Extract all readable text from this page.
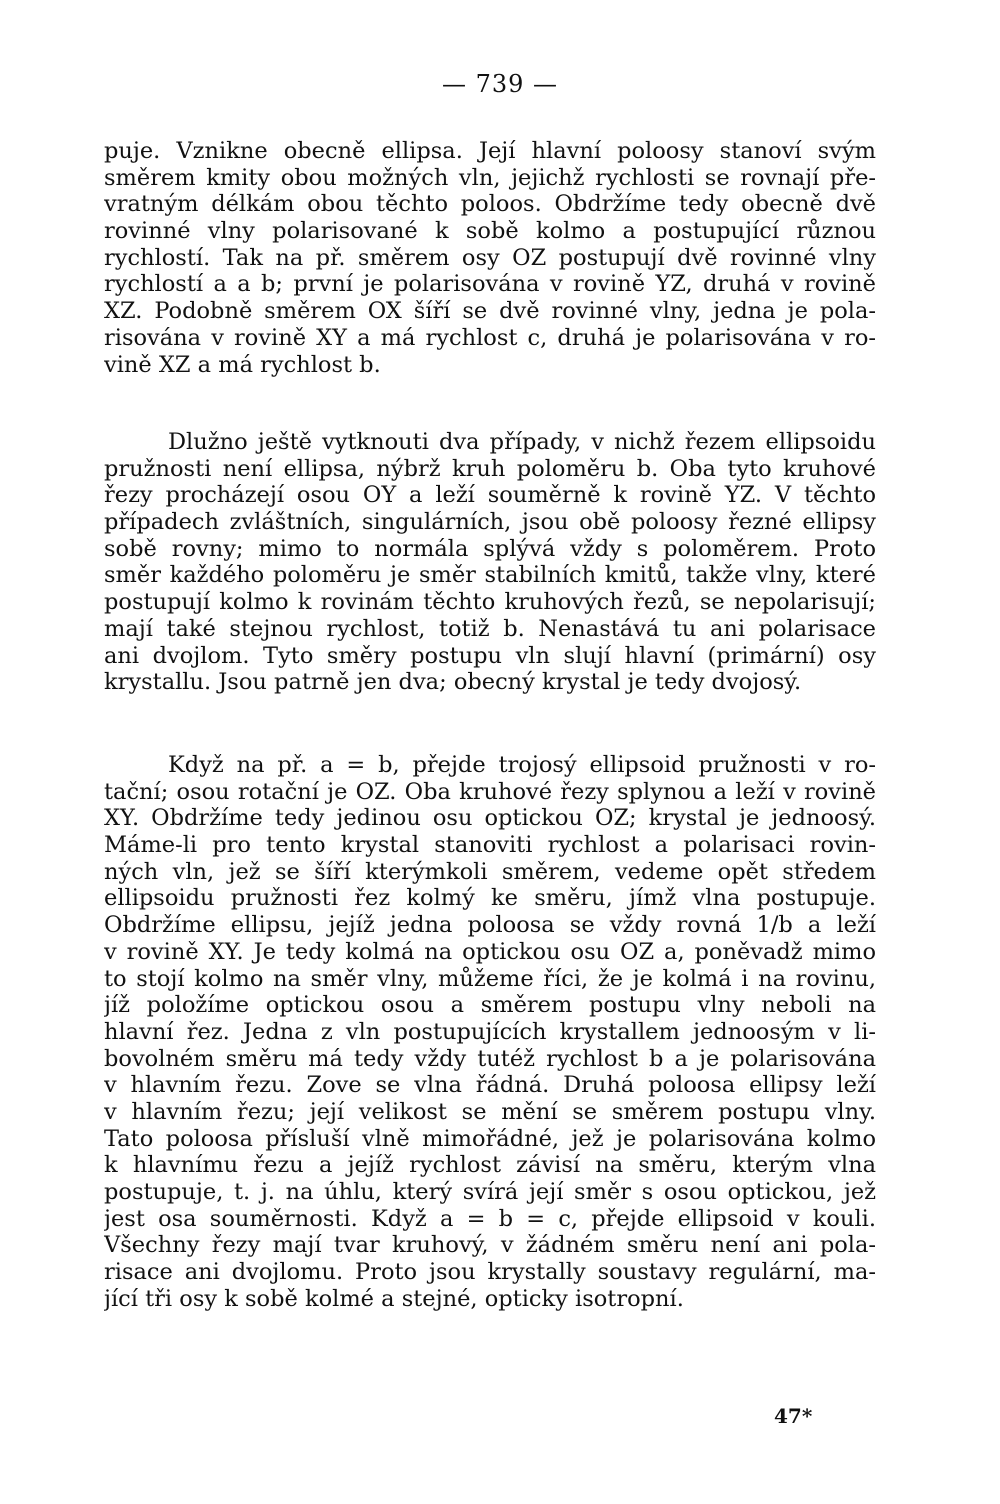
— 739 —
puje. Vznikne obecně ellipsa. Její hlavní poloosy stanoví svým
směrem kmity obou možných vln, jejichž rychlosti se rovnají pře-
vratným délkám obou těchto poloos. Obdržíme tedy obecně dvě
rovinné vlny polarisované k sobě kolmo a postupující různou
rychlostí. Tak na př. směrem osy OZ postupují dvě rovinné vlny
rychlostí a a b; první je polarisována v rovině YZ, druhá v rovině
XZ. Podobně směrem OX šíří se dvě rovinné vlny, jedna je pola-
risována v rovině XY a má rychlost c, druhá je polarisována v ro-
vině XZ a má rychlost b.
Dlužno ještě vytknouti dva případy, v nichž řezem ellipsoidu
pružnosti není ellipsa, nýbrž kruh poloměru b. Oba tyto kruhové
řezy procházejí osou OY a leží souměrně k rovině YZ. V těchto
případech zvláštních, singulárních, jsou obě poloosy řezné ellipsy
sobě rovny; mimo to normála splývá vždy s poloměrem. Proto
směr každého poloměru je směr stabilních kmitů, takže vlny, které
postupují kolmo k rovinám těchto kruhových řezů, se nepolarisují;
mají také stejnou rychlost, totiž b. Nenastává tu ani polarisace
ani dvojlom. Tyto směry postupu vln slují hlavní (primární) osy
krystallu. Jsou patrně jen dva; obecný krystal je tedy dvojosý.
Když na př. a = b, přejde trojosý ellipsoid pružnosti v ro-
tační; osou rotační je OZ. Oba kruhové řezy splynou a leží v rovině
XY. Obdržíme tedy jedinou osu optickou OZ; krystal je jednoosý.
Máme-li pro tento krystal stanoviti rychlost a polarisaci rovin-
ných vln, jež se šíří kterýmkoli směrem, vedeme opět středem
ellipsoidu pružnosti řez kolmý ke směru, jímž vlna postupuje.
Obdržíme ellipsu, jejíž jedna poloosa se vždy rovná 1/b a leží
v rovině XY. Je tedy kolmá na optickou osu OZ a, poněvadž mimo
to stojí kolmo na směr vlny, můžeme říci, že je kolmá i na rovinu,
jíž položíme optickou osou a směrem postupu vlny neboli na
hlavní řez. Jedna z vln postupujících krystallem jednoosým v li-
bovolném směru má tedy vždy tutéž rychlost b a je polarisována
v hlavním řezu. Zove se vlna řádná. Druhá poloosa ellipsy leží
v hlavním řezu; její velikost se mění se směrem postupu vlny.
Tato poloosa přísluší vlně mimořádné, jež je polarisována kolmo
k hlavnímu řezu a jejíž rychlost závisí na směru, kterým vlna
postupuje, t. j. na úhlu, který svírá její směr s osou optickou, jež
jest osa souměrnosti. Když a = b = c, přejde ellipsoid v kouli.
Všechny řezy mají tvar kruhový, v žádném směru není ani pola-
risace ani dvojlomu. Proto jsou krystally soustavy regulární, ma-
jící tři osy k sobě kolmé a stejné, opticky isotropní.
47*
